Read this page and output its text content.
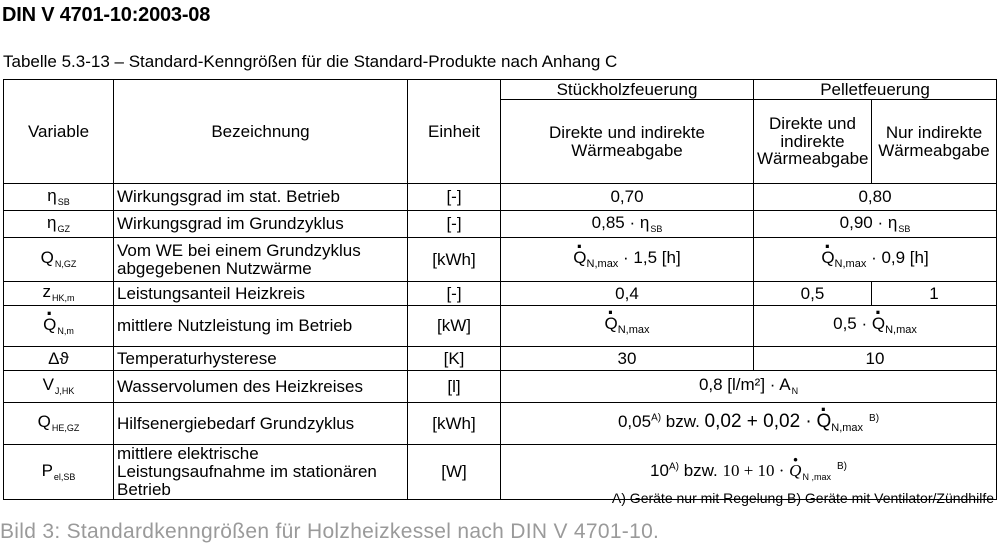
DIN V 4701-10:2003-08
Tabelle 5.3-13 – Standard-Kenngrößen für die Standard-Produkte nach Anhang C
Variable	Bezeichnung	Einheit	Stückholzfeuerung	Pelletfeuerung	
			Direkte und indirekte Wärmeabgabe	Direkte und indirekte Wärmeabgabe	Nur indirekte Wärmeabgabe
$\eta_{SB}$	Wirkungsgrad im stat. Betrieb	[-]	0,70	0,80	
$\eta_{GZ}$	Wirkungsgrad im Grundzyklus	[-]	$0,85 \cdot \eta_{SB}$	$0,90 \cdot \eta_{SB}$
$Q_{N,GZ}$	Vom WE bei einem Grundzyklus abgegebenen Nutzwärme	[kWh]	· $Q_{N,max} \cdot 1,5$ [h]	· $Q_{N,max} \cdot 0,9$ [h]
$z_{HK,m}$	Leistungsanteil Heizkreis	[-]	0,4	0,5	1
· $Q_{N,m}$	mittlere Nutzleistung im Betrieb	[kW]	· $Q_{N,max}$	0,5 · · $Q_{N,max}$
Δϑ	Temperaturhysterese	[K]	30	10	
$V_{J,HK}$	Wasservolumen des Heizkreises	[l]	0,8 $[l/m^2] \cdot A_N$
$Q_{HE,GZ}$	Hilfsenergiebedarf Grundzyklus	[kWh]	$0,05^{A)}$ bzw. 0,02 + 0,02 · · $Q_{N,max}^{B)}$
$P_{el,SB}$	mittlere elektrische Leistungsaufnahme im stationären Betrieb	[W]	$10^{A)}$ bzw. 10 + 10 · · $Q_{N ,max}^{B)}$
A) Geräte nur mit Regelung B) Geräte mit Ventilator/Zündhilfe
Bild 3: Standardkenngrößen für Holzheizkessel nach DIN V 4701-10.
